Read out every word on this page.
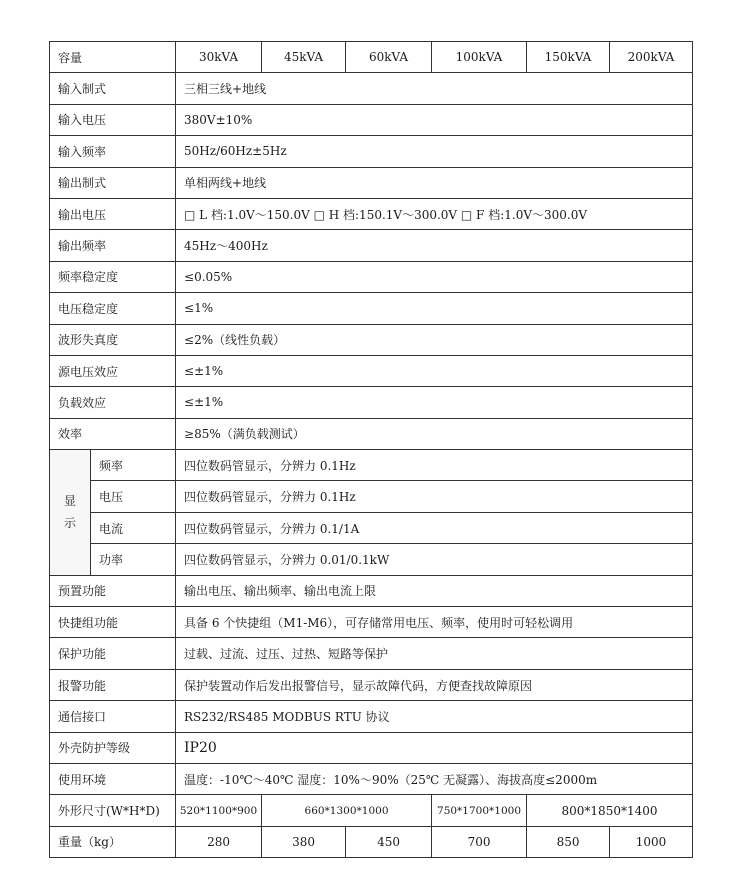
容量		30kVA	45kVA	60kVA	100kVA	150kVA	200kVA
输入制式		三相三线+地线					
输入电压		380V±10%					
输入频率		50Hz/60Hz±5Hz					
输出制式		单相两线+地线					
输出电压		□ L 档:1.0V～150.0V □ H 档:150.1V～300.0V □ F 档:1.0V～300.0V					
输出频率		45Hz～400Hz					
频率稳定度		≤0.05%					
电压稳定度		≤1%					
波形失真度		≤2%（线性负载）					
源电压效应		≤±1%					
负载效应		≤±1%					
效率		≥85%（满负载测试）					
显
示	频率	四位数码管显示，分辨力 0.1Hz					
	电压	四位数码管显示，分辨力 0.1Hz					
	电流	四位数码管显示，分辨力 0.1/1A					
	功率	四位数码管显示，分辨力 0.01/0.1kW					
预置功能		输出电压、输出频率、输出电流上限					
快捷组功能		具备 6 个快捷组（M1-M6），可存储常用电压、频率，使用时可轻松调用					
保护功能		过载、过流、过压、过热、短路等保护					
报警功能		保护装置动作后发出报警信号，显示故障代码，方便查找故障原因					
通信接口		RS232/RS485 MODBUS RTU 协议					
外壳防护等级		IP20					
使用环境		温度：-10℃～40℃ 湿度：10%～90%（25℃ 无凝露）、海拔高度≤2000m					
外形尺寸(W*H*D)		520*1100*900	660*1300*1000		750*1700*1000	800*1850*1400	
重量（kg）		280	380	450	700	850	1000
